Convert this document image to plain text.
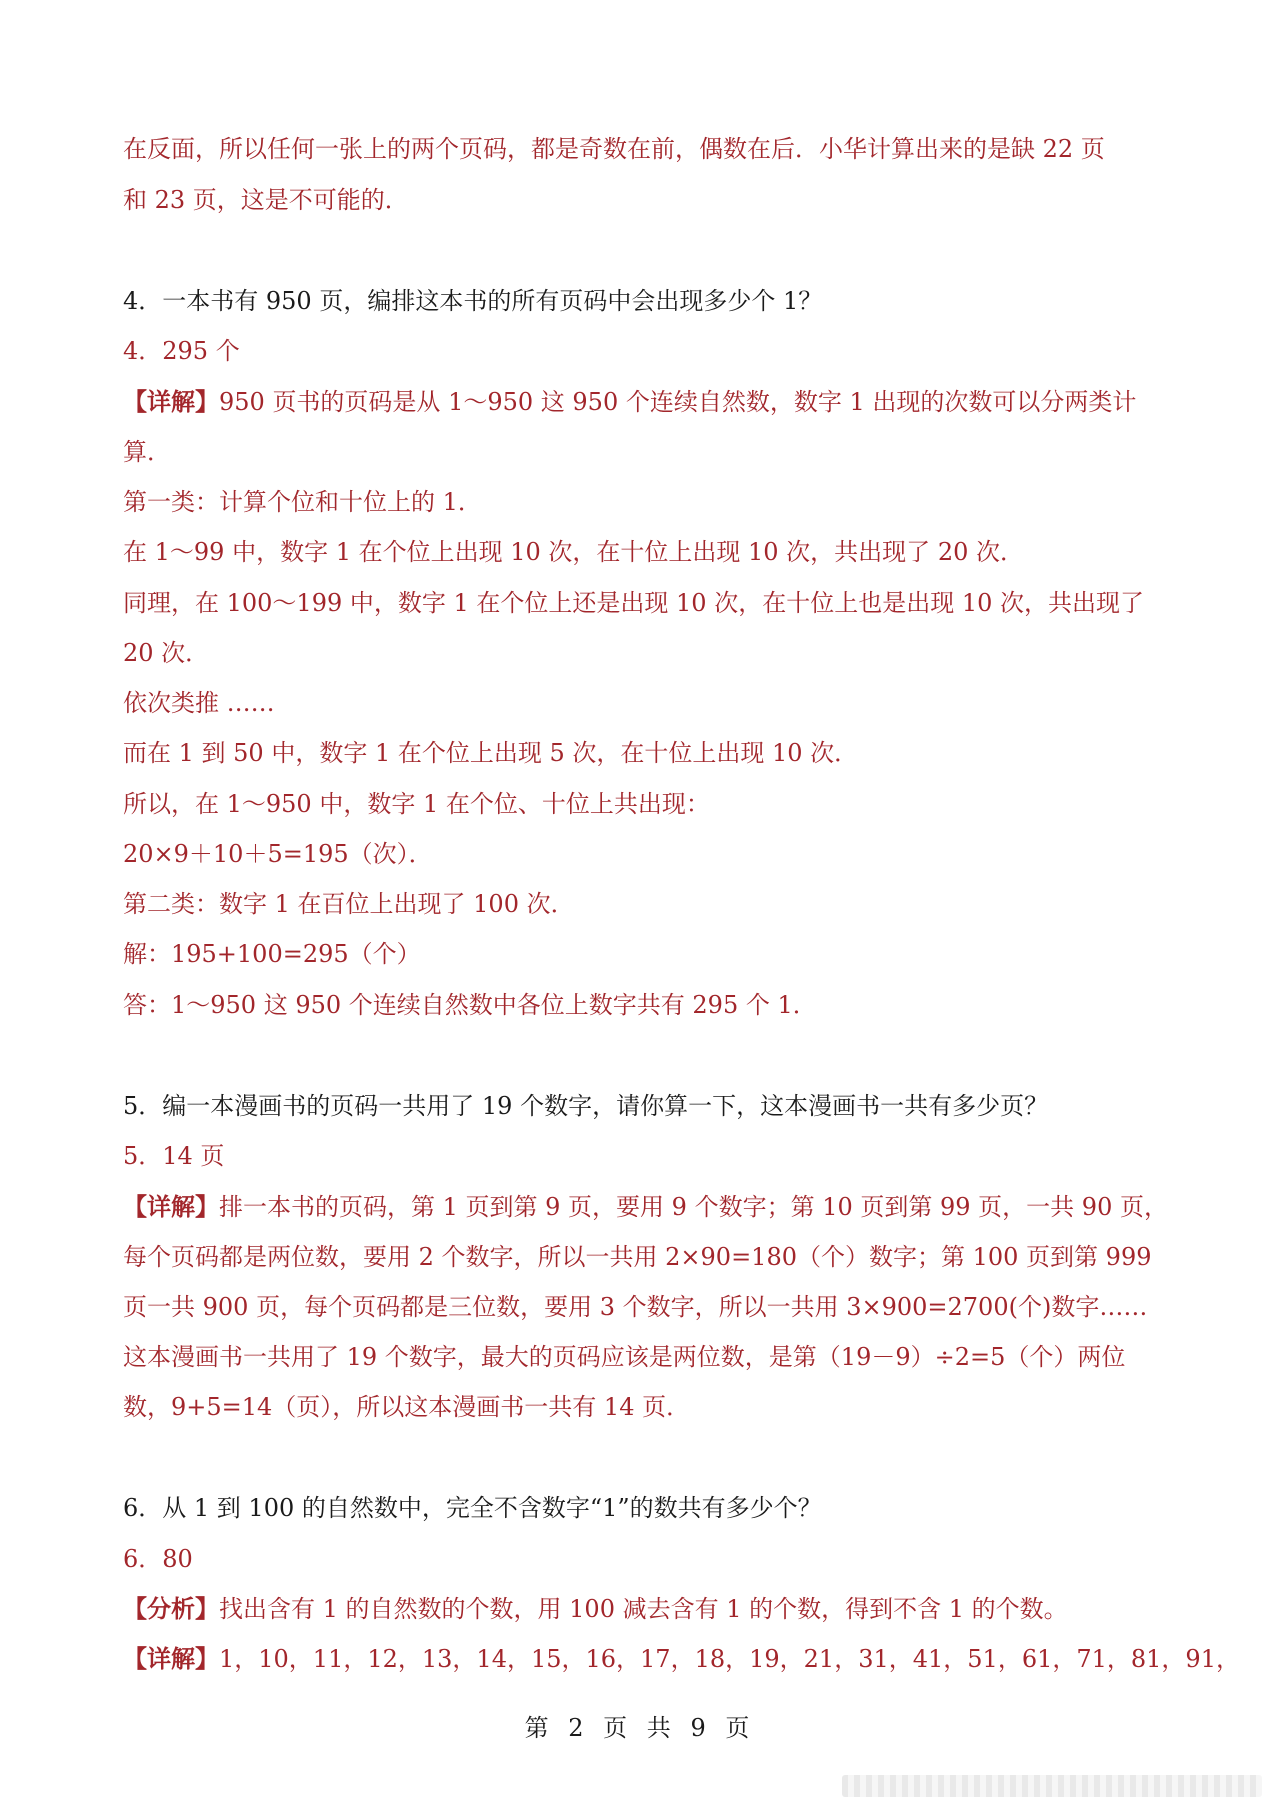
在反面，所以任何一张上的两个页码，都是奇数在前，偶数在后．小华计算出来的是缺 22 页
和 23 页，这是不可能的．
4．一本书有 950 页，编排这本书的所有页码中会出现多少个 1？
4．295 个
【详解】950 页书的页码是从 1～950 这 950 个连续自然数，数字 1 出现的次数可以分两类计
算．
第一类：计算个位和十位上的 1．
在 1～99 中，数字 1 在个位上出现 10 次，在十位上出现 10 次，共出现了 20 次．
同理，在 100～199 中，数字 1 在个位上还是出现 10 次，在十位上也是出现 10 次，共出现了
20 次．
依次类推 ……
而在 1 到 50 中，数字 1 在个位上出现 5 次，在十位上出现 10 次．
所以，在 1～950 中，数字 1 在个位、十位上共出现：
20×9＋10＋5=195（次）．
第二类：数字 1 在百位上出现了 100 次．
解：195+100=295（个）
答：1～950 这 950 个连续自然数中各位上数字共有 295 个 1．
5．编一本漫画书的页码一共用了 19 个数字，请你算一下，这本漫画书一共有多少页？
5．14 页
【详解】排一本书的页码，第 1 页到第 9 页，要用 9 个数字；第 10 页到第 99 页，一共 90 页，
每个页码都是两位数，要用 2 个数字，所以一共用 2×90=180（个）数字；第 100 页到第 999
页一共 900 页，每个页码都是三位数，要用 3 个数字，所以一共用 3×900=2700(个)数字……
这本漫画书一共用了 19 个数字，最大的页码应该是两位数，是第（19－9）÷2=5（个）两位
数，9+5=14（页），所以这本漫画书一共有 14 页．
6．从 1 到 100 的自然数中，完全不含数字“1”的数共有多少个？
6．80
【分析】找出含有 1 的自然数的个数，用 100 减去含有 1 的个数，得到不含 1 的个数。
【详解】1，10，11，12，13，14，15，16，17，18，19，21，31，41，51，61，71，81，91，
第 2 页 共 9 页
